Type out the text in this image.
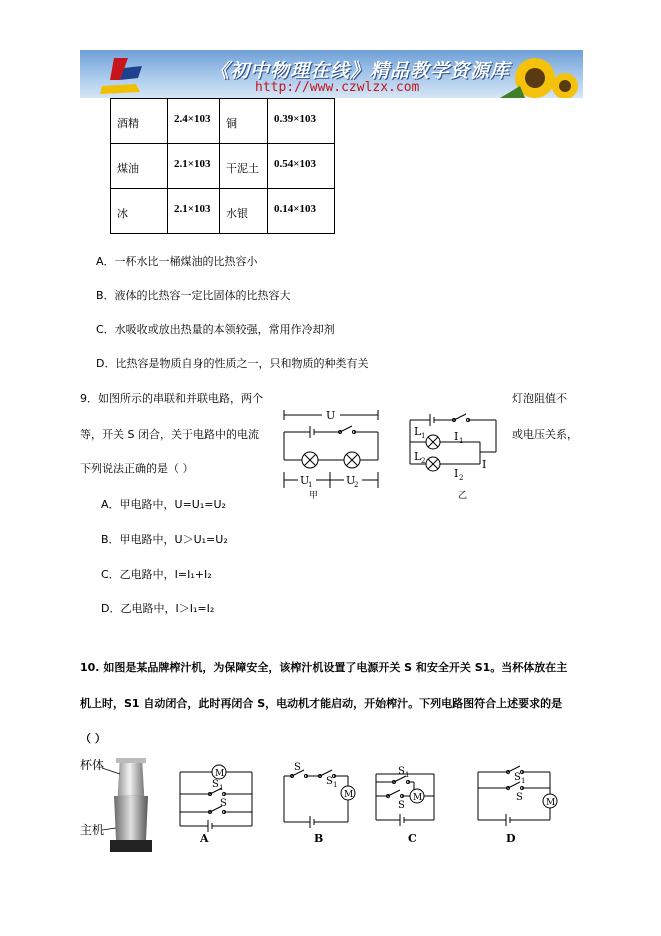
《初中物理在线》精品教学资源库
http://www.czwlzx.com
酒精	2.4×103	铜	0.39×103
煤油	2.1×103	干泥土	0.54×103
冰	2.1×103	水银	0.14×103
A．一杯水比一桶煤油的比热容小
B．液体的比热容一定比固体的比热容大
C．水吸收或放出热量的本领较强，常用作冷却剂
D．比热容是物质自身的性质之一，只和物质的种类有关
9．如图所示的串联和并联电路，两个	灯泡阻值不
等，开关 S 闭合，关于电路中的电流	或电压关系，
下列说法正确的是（ ）
U
U
1	U
2
甲
L 1
L 2
I 1
I 2
I
乙
A．甲电路中，U=U₁=U₂
B．甲电路中，U＞U₁=U₂
C．乙电路中，I=I₁+I₂
D．乙电路中，I＞I₁=I₂
10. 如图是某品牌榨汁机，为保障安全，该榨汁机设置了电源开关 S 和安全开关 S1。当杯体放在主
机上时，S1 自动闭合，此时再闭合 S，电动机才能启动，开始榨汁。下列电路图符合上述要求的是
（ ）
杯体
主机
M
S 1
S
A
M
S
S 1
B
M
S 1
S
C
M
S 1
S
D
